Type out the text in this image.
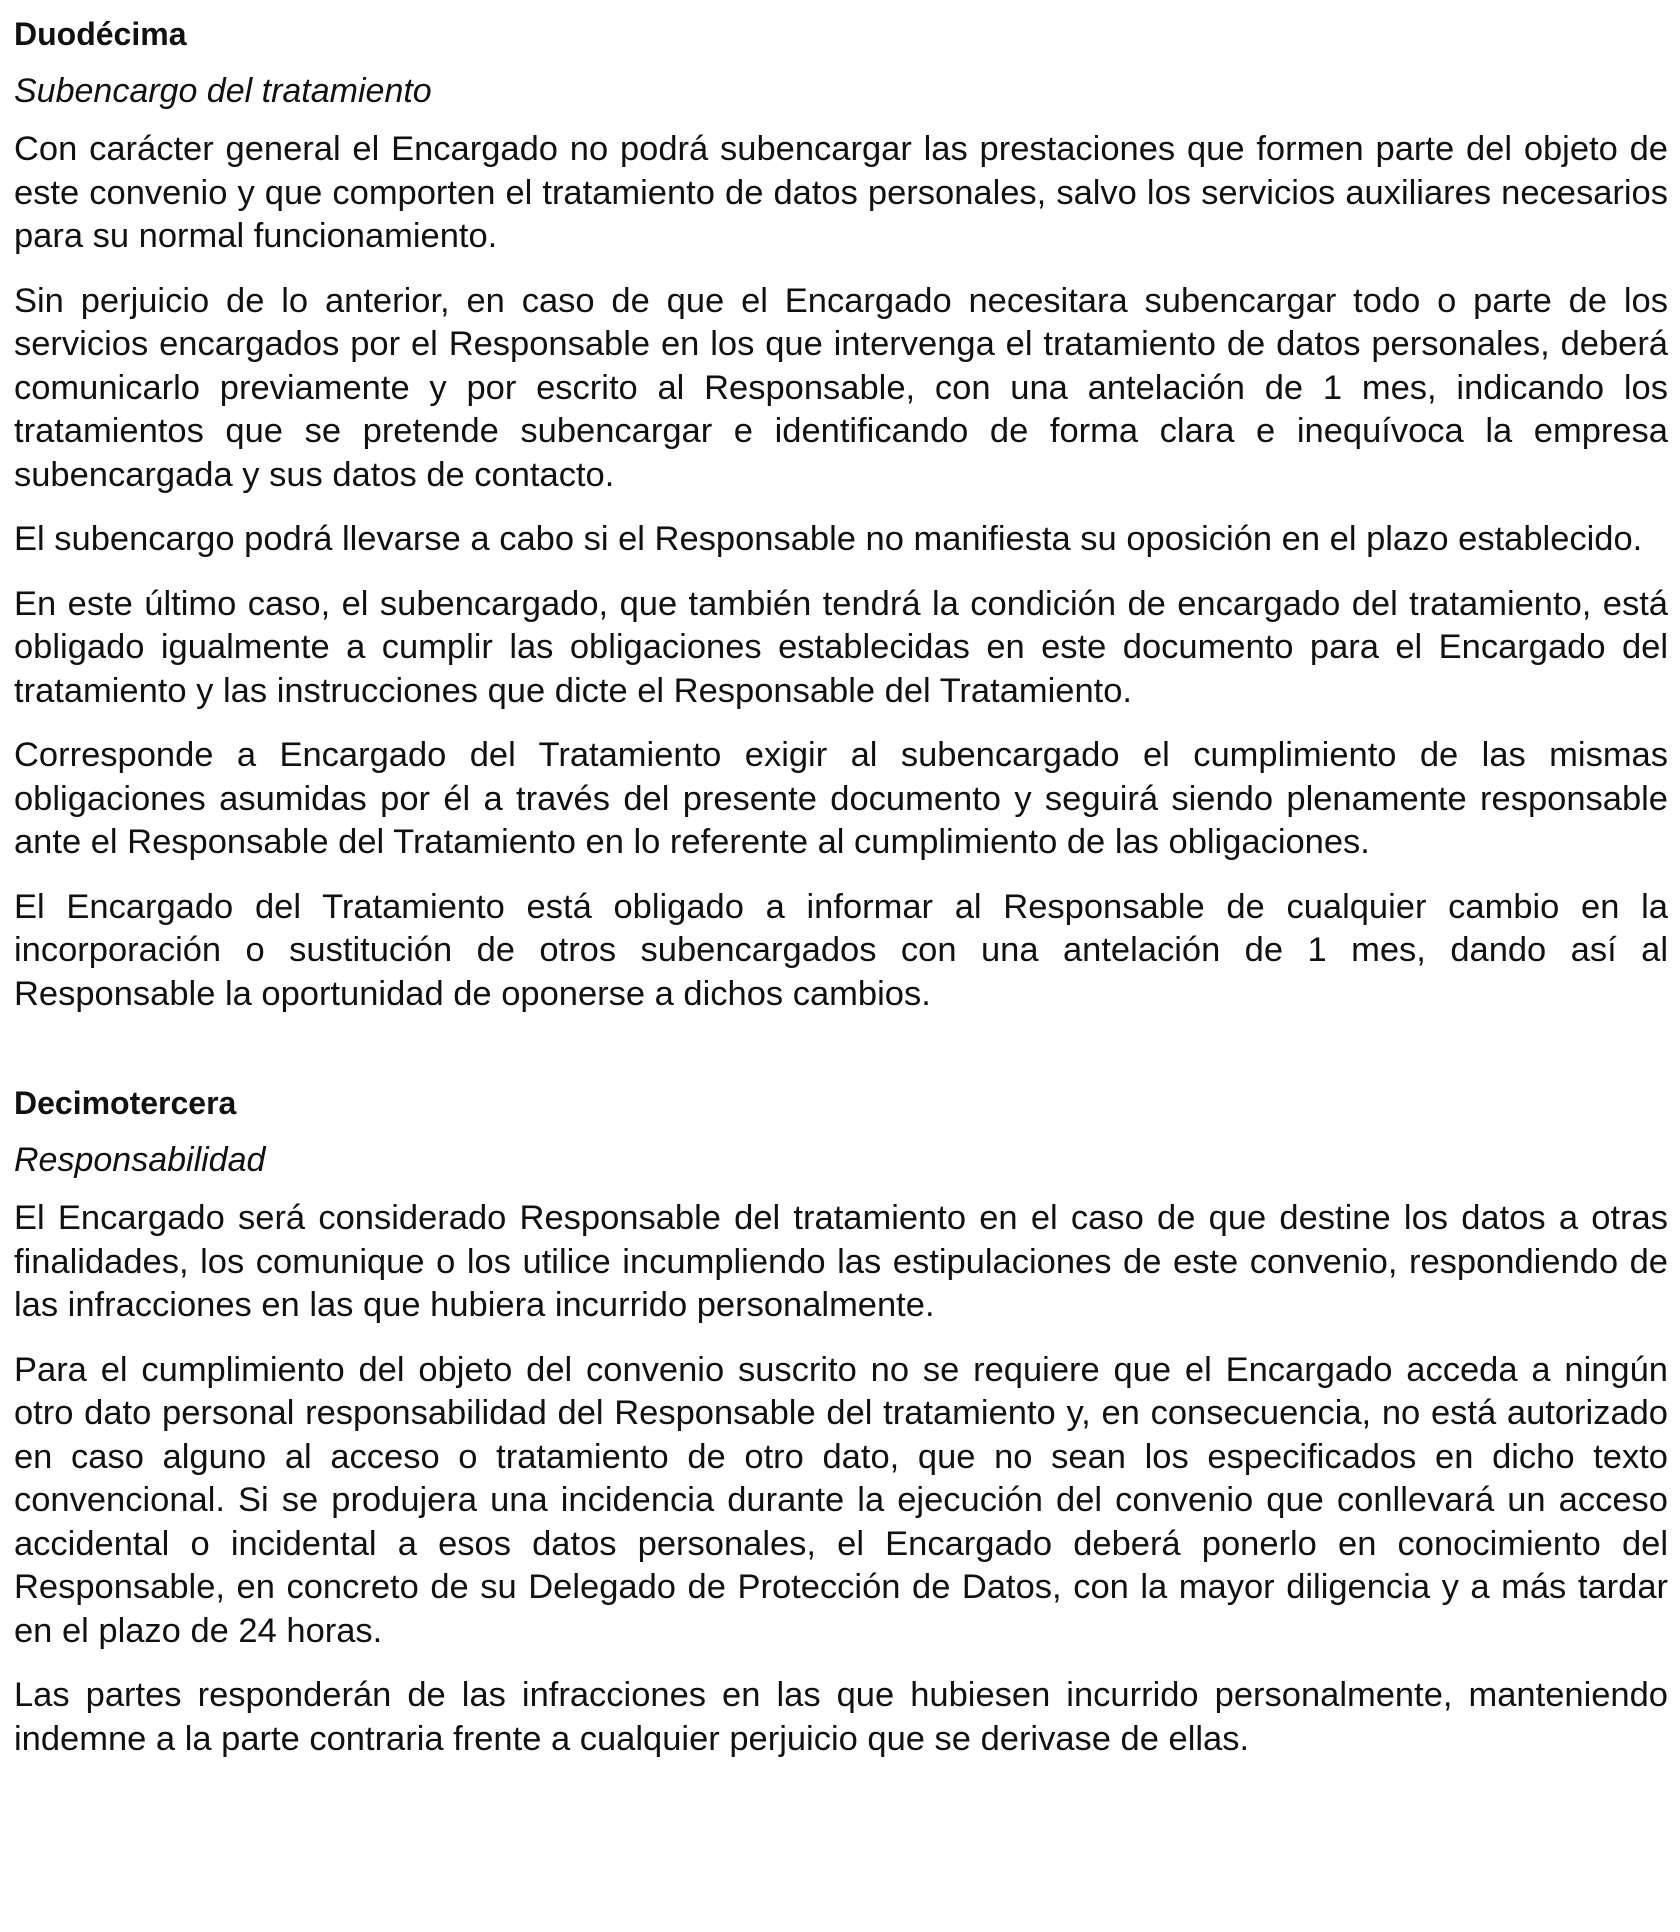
Duodécima
Subencargo del tratamiento

Con carácter general el Encargado no podrá subencargar las prestaciones que formen parte del objeto de este convenio y que comporten el tratamiento de datos personales, salvo los servicios auxiliares necesarios para su normal funcionamiento.

Sin perjuicio de lo anterior, en caso de que el Encargado necesitara subencargar todo o parte de los servicios encargados por el Responsable en los que intervenga el tratamiento de datos personales, deberá comunicarlo previamente y por escrito al Responsable, con una antelación de 1 mes, indicando los tratamientos que se pretende subencargar e identificando de forma clara e inequívoca la empresa subencargada y sus datos de contacto.

El subencargo podrá llevarse a cabo si el Responsable no manifiesta su oposición en el plazo establecido.

En este último caso, el subencargado, que también tendrá la condición de encargado del tratamiento, está obligado igualmente a cumplir las obligaciones establecidas en este documento para el Encargado del tratamiento y las instrucciones que dicte el Responsable del Tratamiento.

Corresponde a Encargado del Tratamiento exigir al subencargado el cumplimiento de las mismas obligaciones asumidas por él a través del presente documento y seguirá siendo plenamente responsable ante el Responsable del Tratamiento en lo referente al cumplimiento de las obligaciones.

El Encargado del Tratamiento está obligado a informar al Responsable de cualquier cambio en la incorporación o sustitución de otros subencargados con una antelación de 1 mes, dando así al Responsable la oportunidad de oponerse a dichos cambios.

Decimotercera
Responsabilidad

El Encargado será considerado Responsable del tratamiento en el caso de que destine los datos a otras finalidades, los comunique o los utilice incumpliendo las estipulaciones de este convenio, respondiendo de las infracciones en las que hubiera incurrido personalmente.

Para el cumplimiento del objeto del convenio suscrito no se requiere que el Encargado acceda a ningún otro dato personal responsabilidad del Responsable del tratamiento y, en consecuencia, no está autorizado en caso alguno al acceso o tratamiento de otro dato, que no sean los especificados en dicho texto convencional. Si se produjera una incidencia durante la ejecución del convenio que conllevará un acceso accidental o incidental a esos datos personales, el Encargado deberá ponerlo en conocimiento del Responsable, en concreto de su Delegado de Protección de Datos, con la mayor diligencia y a más tardar en el plazo de 24 horas.

Las partes responderán de las infracciones en las que hubiesen incurrido personalmente, manteniendo indemne a la parte contraria frente a cualquier perjuicio que se derivase de ellas.
